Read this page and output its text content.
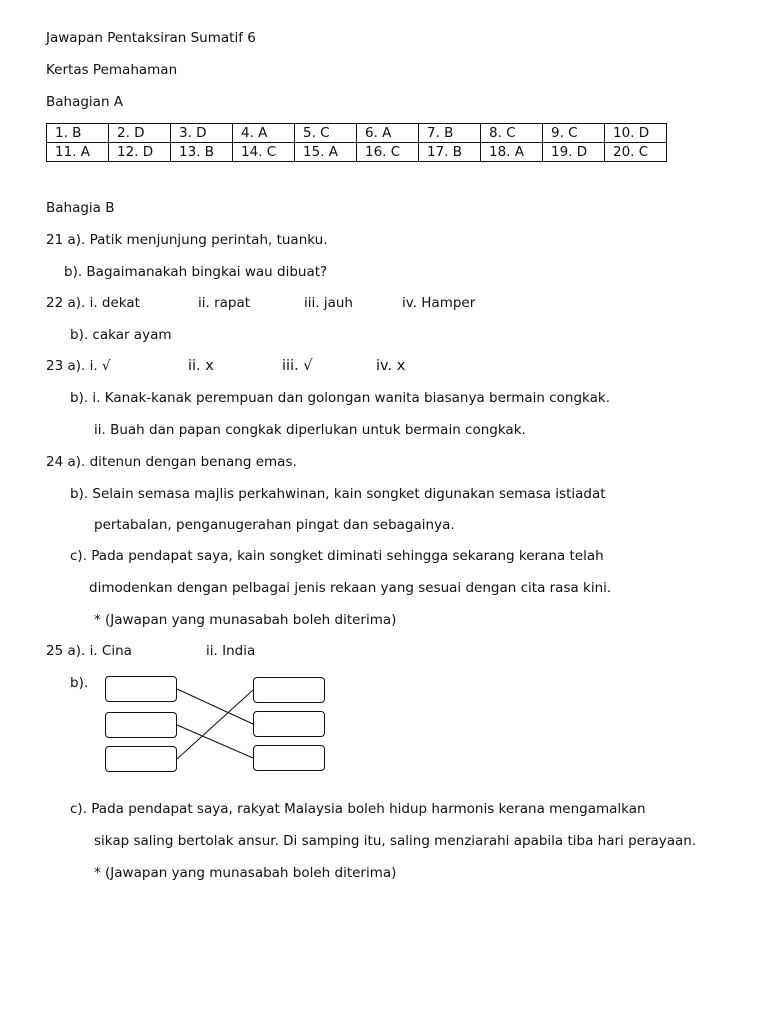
Jawapan Pentaksiran Sumatif 6
Kertas Pemahaman
Bahagian A
1. B	2. D	3. D	4. A	5. C	6. A	7. B	8. C	9. C	10. D
11. A	12. D	13. B	14. C	15. A	16. C	17. B	18. A	19. D	20. C
Bahagia B
21 a). Patik menjunjung perintah, tuanku.
b). Bagaimanakah bingkai wau dibuat?
22 a). i. dekat	ii. rapat	iii. jauh	iv. Hamper
b). cakar ayam
23 a). i. √	ii. x	iii. √	iv. x
b). i. Kanak-kanak perempuan dan golongan wanita biasanya bermain congkak.
ii. Buah dan papan congkak diperlukan untuk bermain congkak.
24 a). ditenun dengan benang emas.
b). Selain semasa majlis perkahwinan, kain songket digunakan semasa istiadat
pertabalan, penganugerahan pingat dan sebagainya.
c). Pada pendapat saya, kain songket diminati sehingga sekarang kerana telah
dimodenkan dengan pelbagai jenis rekaan yang sesuai dengan cita rasa kini.
* (Jawapan yang munasabah boleh diterima)
25 a). i. Cina	ii. India
b).
c). Pada pendapat saya, rakyat Malaysia boleh hidup harmonis kerana mengamalkan
sikap saling bertolak ansur. Di samping itu, saling menziarahi apabila tiba hari perayaan.
* (Jawapan yang munasabah boleh diterima)
